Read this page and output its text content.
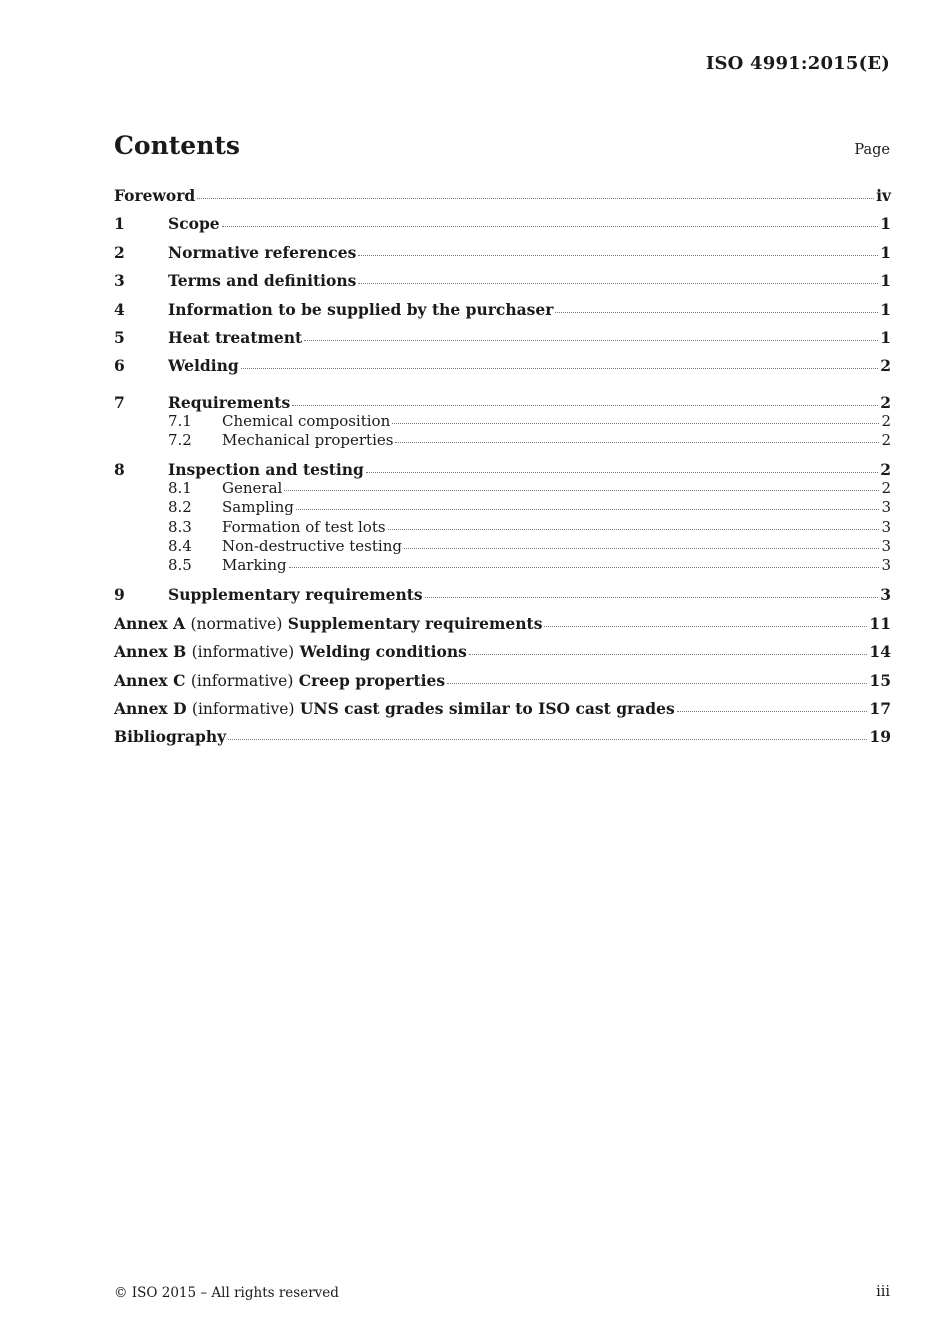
ISO 4991:2015(E)
Contents	Page
Foreword	iv
1	Scope	1
2	Normative references	1
3	Terms and definitions	1
4	Information to be supplied by the purchaser	1
5	Heat treatment	1
6	Welding	2
7	Requirements	2
7.1	Chemical composition	2
7.2	Mechanical properties	2
8	Inspection and testing	2
8.1	General	2
8.2	Sampling	3
8.3	Formation of test lots	3
8.4	Non-destructive testing	3
8.5	Marking	3
9	Supplementary requirements	3
Annex A (normative) Supplementary requirements	11
Annex B (informative) Welding conditions	14
Annex C (informative) Creep properties	15
Annex D (informative) UNS cast grades similar to ISO cast grades	17
Bibliography	19
© ISO 2015 – All rights reserved	iii
